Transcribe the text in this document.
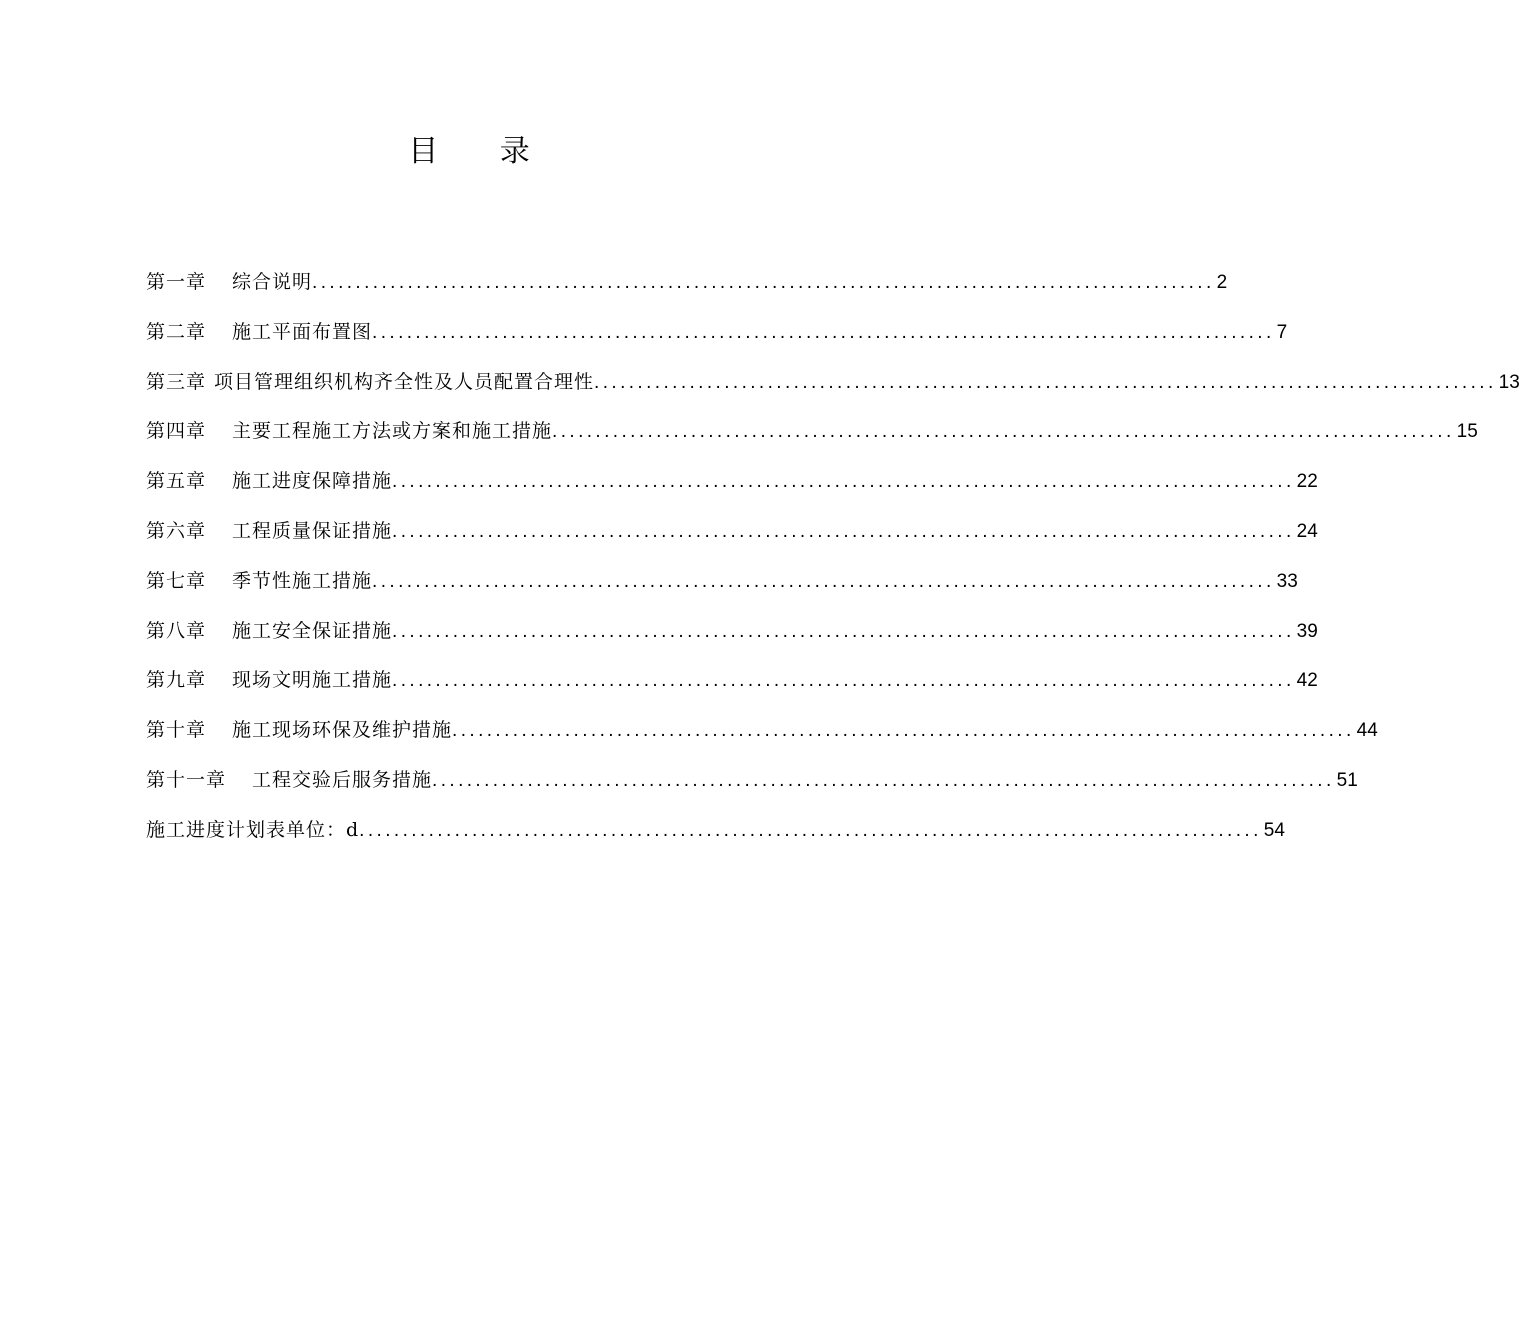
目 录
第一章 综合说明 ........................................................................................................ 2
第二章 施工平面布置图 ........................................................................................................ 7
第三章 项目管理组织机构齐全性及人员配置合理性 ........................................................................................................ 13
第四章 主要工程施工方法或方案和施工措施 ........................................................................................................ 15
第五章 施工进度保障措施 ........................................................................................................ 22
第六章 工程质量保证措施 ........................................................................................................ 24
第七章 季节性施工措施 ........................................................................................................ 33
第八章 施工安全保证措施 ........................................................................................................ 39
第九章 现场文明施工措施 ........................................................................................................ 42
第十章 施工现场环保及维护措施 ........................................................................................................ 44
第十一章 工程交验后服务措施 ........................................................................................................ 51
施工进度计划表单位：d ........................................................................................................ 54
